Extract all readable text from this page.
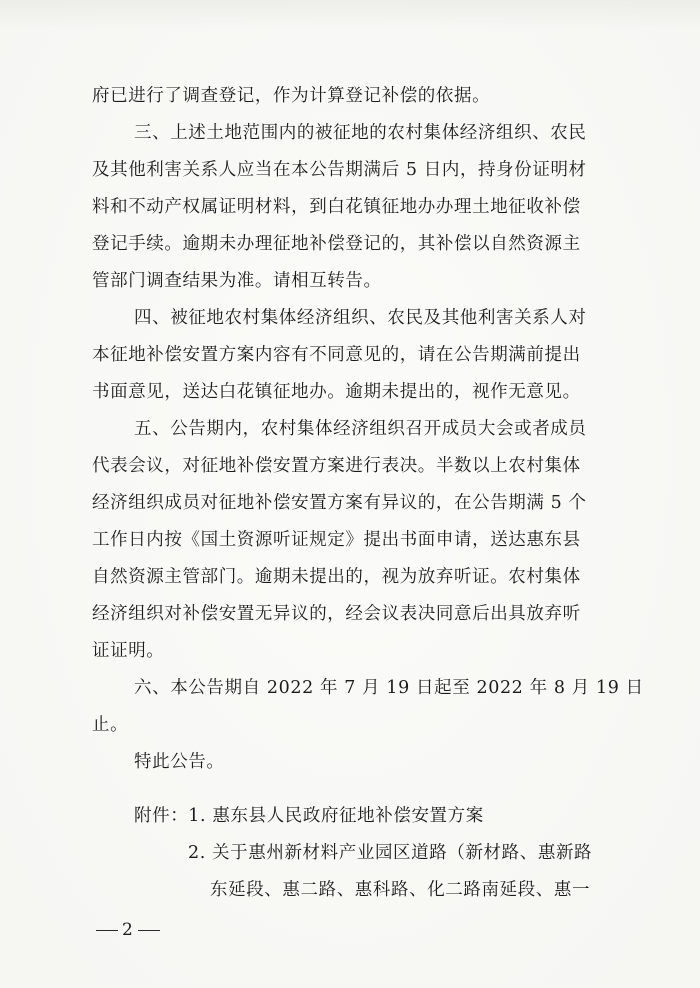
府已进行了调查登记，作为计算登记补偿的依据。
三、上述土地范围内的被征地的农村集体经济组织、农民
及其他利害关系人应当在本公告期满后 5 日内，持身份证明材
料和不动产权属证明材料，到白花镇征地办办理土地征收补偿
登记手续。逾期未办理征地补偿登记的，其补偿以自然资源主
管部门调查结果为准。请相互转告。
四、被征地农村集体经济组织、农民及其他利害关系人对
本征地补偿安置方案内容有不同意见的，请在公告期满前提出
书面意见，送达白花镇征地办。逾期未提出的，视作无意见。
五、公告期内，农村集体经济组织召开成员大会或者成员
代表会议，对征地补偿安置方案进行表决。半数以上农村集体
经济组织成员对征地补偿安置方案有异议的，在公告期满 5 个
工作日内按《国土资源听证规定》提出书面申请，送达惠东县
自然资源主管部门。逾期未提出的，视为放弃听证。农村集体
经济组织对补偿安置无异议的，经会议表决同意后出具放弃听
证证明。
六、本公告期自 2022 年 7 月 19 日起至 2022 年 8 月 19 日
止。
特此公告。
附件：1. 惠东县人民政府征地补偿安置方案
2. 关于惠州新材料产业园区道路（新材路、惠新路
东延段、惠二路、惠科路、化二路南延段、惠一
2
